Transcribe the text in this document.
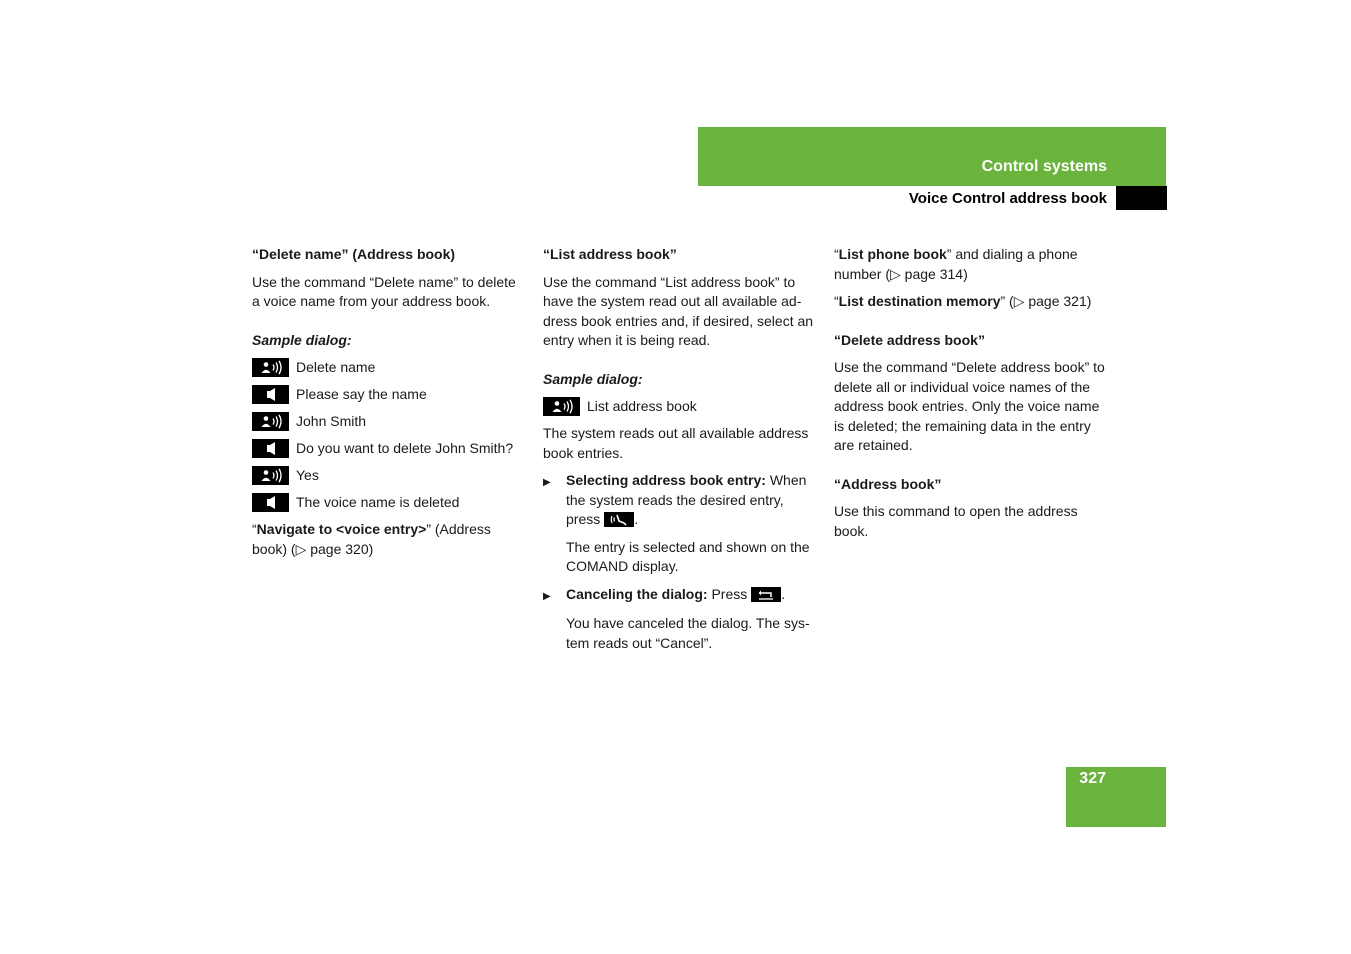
Control systems
Voice Control address book
327
“Delete name” (Address book)

Use the command “Delete name” to delete a voice name from your address book.

Sample dialog:
Delete name
Please say the name
John Smith
Do you want to delete John Smith?
Yes
The voice name is deleted

“Navigate to <voice entry>” (Address book) (▷ page 320)

“List address book”

Use the command “List address book” to have the system read out all available ad-dress book entries and, if desired, select an entry when it is being read.

Sample dialog:
List address book

The system reads out all available address book entries.

▶	Selecting address book entry: When the system reads the desired entry, press .

The entry is selected and shown on the COMAND display.

▶	Canceling the dialog: Press .

You have canceled the dialog. The sys-tem reads out “Cancel”.

“List phone book” and dialing a phone number (▷ page 314)

“List destination memory” (▷ page 321)

“Delete address book”

Use the command “Delete address book” to delete all or individual voice names of the address book entries. Only the voice name is deleted; the remaining data in the entry are retained.

“Address book”

Use this command to open the address book.
